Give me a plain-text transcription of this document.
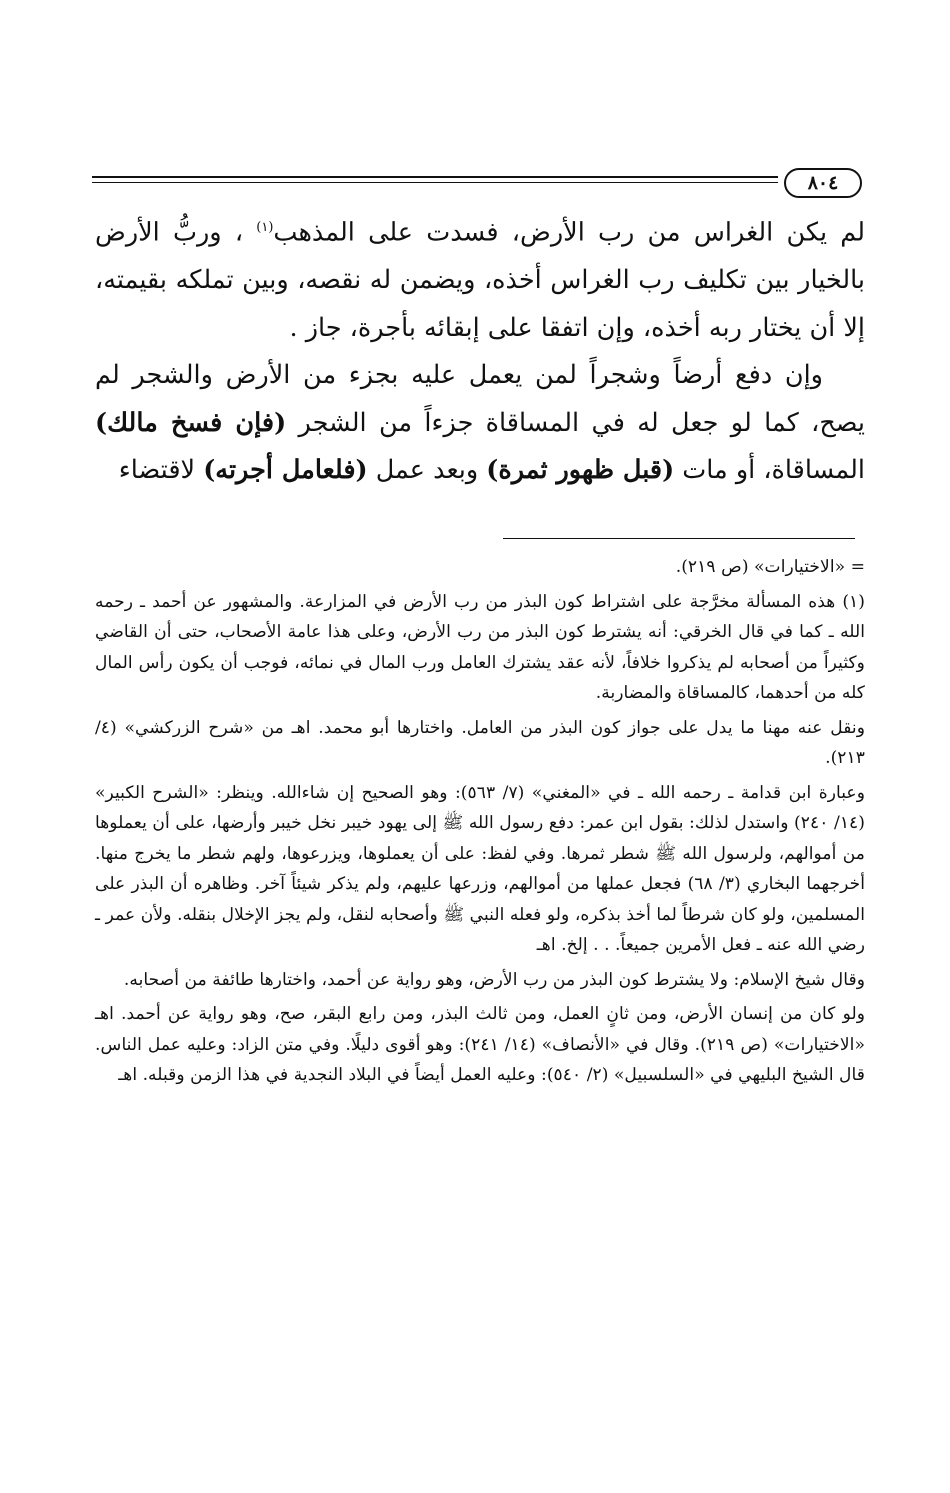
٨٠٤

لم يكن الغراس من رب الأرض، فسدت على المذهب$^{(١)}$ ، وربُّ الأرض بالخيار بين تكليف رب الغراس أخذه، ويضمن له نقصه، وبين تملكه بقيمته، إلا أن يختار ربه أخذه، وإن اتفقا على إبقائه بأجرة، جاز .

وإن دفع أرضاً وشجراً لمن يعمل عليه بجزء من الأرض والشجر لم يصح، كما لو جعل له في المساقاة جزءاً من الشجر (فإن فسخ مالك) المساقاة، أو مات (قبل ظهور ثمرة) وبعد عمل (فلعامل أجرته) لاقتضاء

= «الاختيارات» (ص ٢١٩).

(١) هذه المسألة مخرَّجة على اشتراط كون البذر من رب الأرض في المزارعة. والمشهور عن أحمد ـ رحمه الله ـ كما في قال الخرقي: أنه يشترط كون البذر من رب الأرض، وعلى هذا عامة الأصحاب، حتى أن القاضي وكثيراً من أصحابه لم يذكروا خلافاً، لأنه عقد يشترك العامل ورب المال في نمائه، فوجب أن يكون رأس المال كله من أحدهما، كالمساقاة والمضاربة.

ونقل عنه مهنا ما يدل على جواز كون البذر من العامل. واختارها أبو محمد. اهـ من «شرح الزركشي» (٤/ ٢١٣).

وعبارة ابن قدامة ـ رحمه الله ـ في «المغني» (٧/ ٥٦٣): وهو الصحيح إن شاءالله. وينظر: «الشرح الكبير» (١٤/ ٢٤٠) واستدل لذلك: بقول ابن عمر: دفع رسول الله ﷺ إلى يهود خيبر نخل خيبر وأرضها، على أن يعملوها من أموالهم، ولرسول الله ﷺ شطر ثمرها. وفي لفظ: على أن يعملوها، ويزرعوها، ولهم شطر ما يخرج منها. أخرجهما البخاري (٣/ ٦٨) فجعل عملها من أموالهم، وزرعها عليهم، ولم يذكر شيئاً آخر. وظاهره أن البذر على المسلمين، ولو كان شرطاً لما أخذ بذكره، ولو فعله النبي ﷺ وأصحابه لنقل، ولم يجز الإخلال بنقله. ولأن عمر ـ رضي الله عنه ـ فعل الأمرين جميعاً. . . إلخ. اهـ

وقال شيخ الإسلام: ولا يشترط كون البذر من رب الأرض، وهو رواية عن أحمد، واختارها طائفة من أصحابه.

ولو كان من إنسان الأرض، ومن ثانٍ العمل، ومن ثالث البذر، ومن رابع البقر، صح، وهو رواية عن أحمد. اهـ «الاختيارات» (ص ٢١٩). وقال في «الأنصاف» (١٤/ ٢٤١): وهو أقوى دليلًا. وفي متن الزاد: وعليه عمل الناس. قال الشيخ البليهي في «السلسبيل» (٢/ ٥٤٠): وعليه العمل أيضاً في البلاد النجدية في هذا الزمن وقبله. اهـ
